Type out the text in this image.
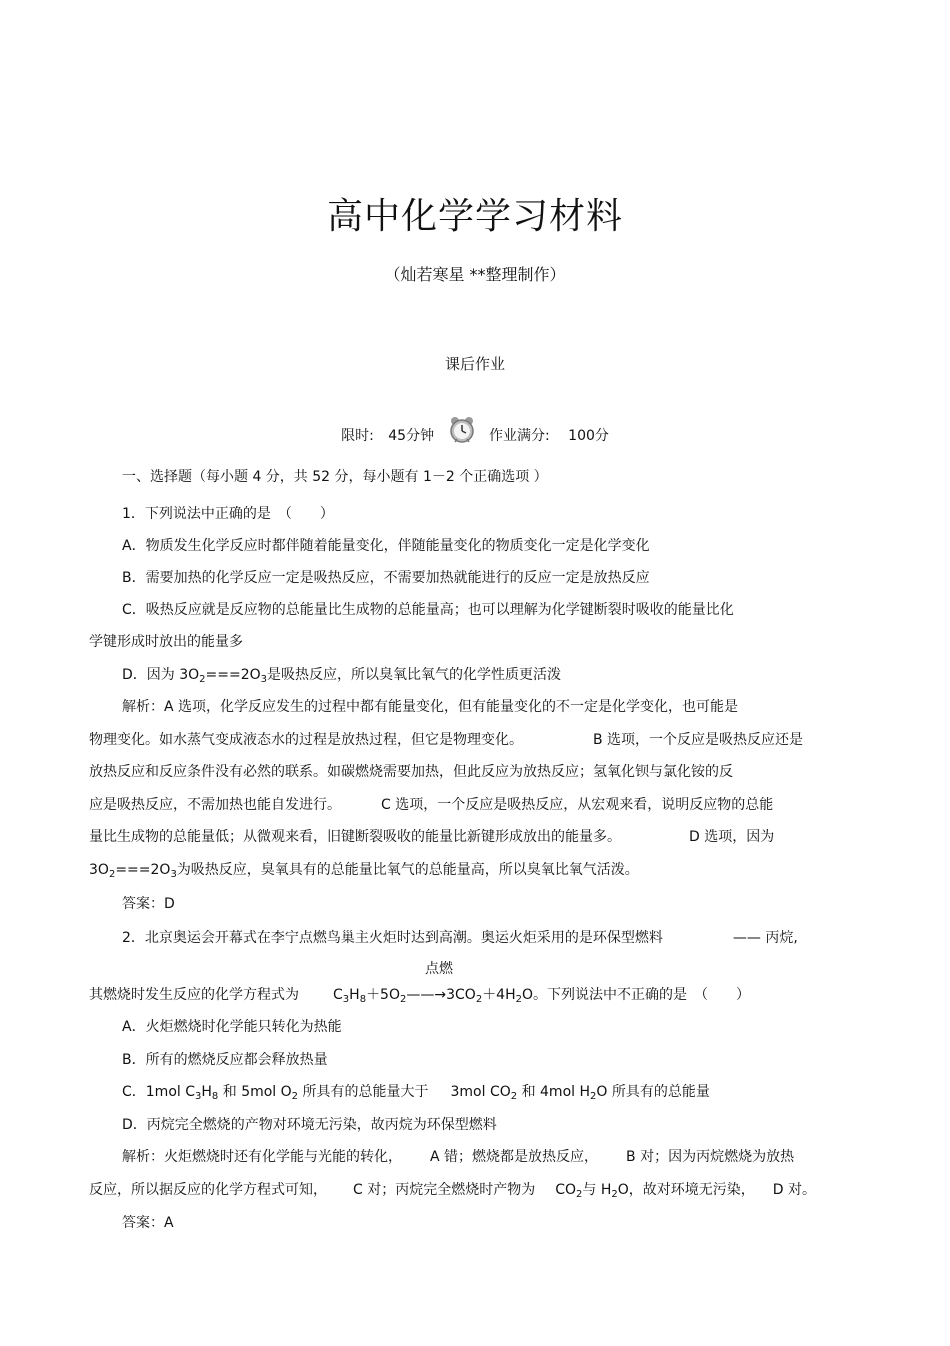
高中化学学习材料
（灿若寒星 **整理制作）
课后作业
限时: 45分钟	作业满分: 100分
一、选择题（每小题 4 分，共 52 分，每小题有 1－2 个正确选项 ）
1．下列说法中正确的是　（　　）
A．物质发生化学反应时都伴随着能量变化，伴随能量变化的物质变化一定是化学变化
B．需要加热的化学反应一定是吸热反应，不需要加热就能进行的反应一定是放热反应
C．吸热反应就是反应物的总能量比生成物的总能量高；也可以理解为化学键断裂时吸收的能量比化
学键形成时放出的能量多
D．因为 $3O_2===2O_3$是吸热反应，所以臭氧比氧气的化学性质更活泼
解析：A 选项，化学反应发生的过程中都有能量变化，但有能量变化的不一定是化学变化，也可能是
物理变化。如水蒸气变成液态水的过程是放热过程，但它是物理变化。	B 选项，一个反应是吸热反应还是
放热反应和反应条件没有必然的联系。如碳燃烧需要加热，但此反应为放热反应；氢氧化钡与氯化铵的反
应是吸热反应，不需加热也能自发进行。	C 选项，一个反应是吸热反应，从宏观来看，说明反应物的总能
量比生成物的总能量低；从微观来看，旧键断裂吸收的能量比新键形成放出的能量多。	D 选项，因为
$3O_2===2O_3$为吸热反应，臭氧具有的总能量比氧气的总能量高，所以臭氧比氧气活泼。
答案：D
2．北京奥运会开幕式在李宁点燃鸟巢主火炬时达到高潮。奥运火炬采用的是环保型燃料	—— 丙烷,
点燃
其燃烧时发生反应的化学方程式为 $C_3H_8+5O_2——\to 3CO_2+4H_2O$。下列说法中不正确的是　（　　）
A．火炬燃烧时化学能只转化为热能
B．所有的燃烧反应都会释放热量
C．1mol $C_3H_8$ 和 5mol $O_2$ 所具有的总能量大于 3mol $CO_2$ 和 4mol $H_2O$ 所具有的总能量
D．丙烷完全燃烧的产物对环境无污染，故丙烷为环保型燃料
解析：火炬燃烧时还有化学能与光能的转化， A 错；燃烧都是放热反应， B 对；因为丙烷燃烧为放热
反应，所以据反应的化学方程式可知， C 对；丙烷完全燃烧时产物为 $CO_2$与 $H_2O$，故对环境无污染， D 对。
答案：A
